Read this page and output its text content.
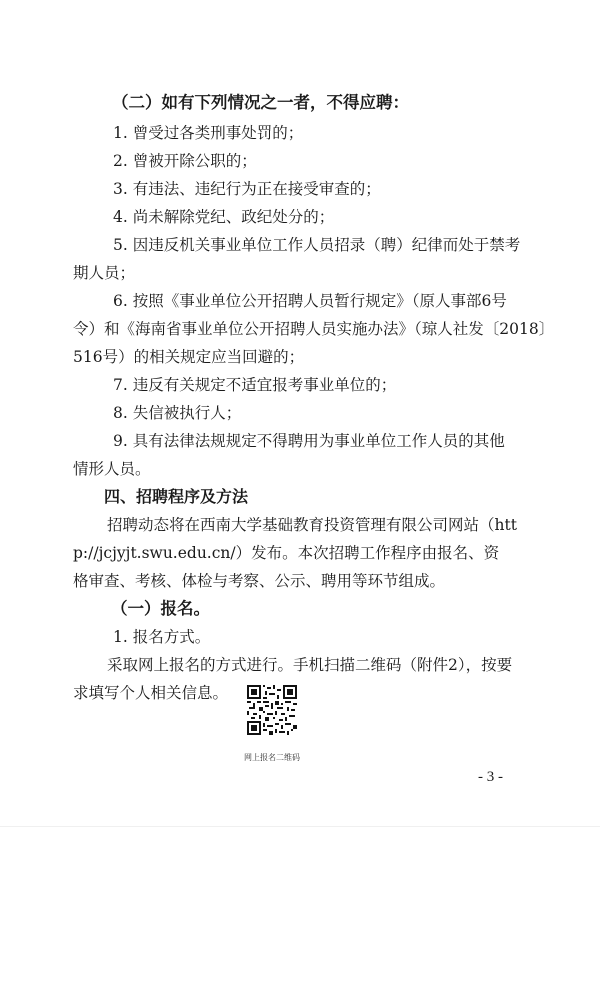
（二）如有下列情况之一者，不得应聘：
1. 曾受过各类刑事处罚的；
2. 曾被开除公职的；
3. 有违法、违纪行为正在接受审查的；
4. 尚未解除党纪、政纪处分的；
5. 因违反机关事业单位工作人员招录（聘）纪律而处于禁考
期人员；
6. 按照《事业单位公开招聘人员暂行规定》（原人事部6号
令）和《海南省事业单位公开招聘人员实施办法》（琼人社发〔2018〕
516号）的相关规定应当回避的；
7. 违反有关规定不适宜报考事业单位的；
8. 失信被执行人；
9. 具有法律法规规定不得聘用为事业单位工作人员的其他
情形人员。
四、招聘程序及方法
招聘动态将在西南大学基础教育投资管理有限公司网站（htt
p://jcjyjt.swu.edu.cn/）发布。本次招聘工作程序由报名、资
格审查、考核、体检与考察、公示、聘用等环节组成。
（一）报名。
1. 报名方式。
采取网上报名的方式进行。手机扫描二维码（附件2），按要
求填写个人相关信息。
网上报名二维码
- 3 -
